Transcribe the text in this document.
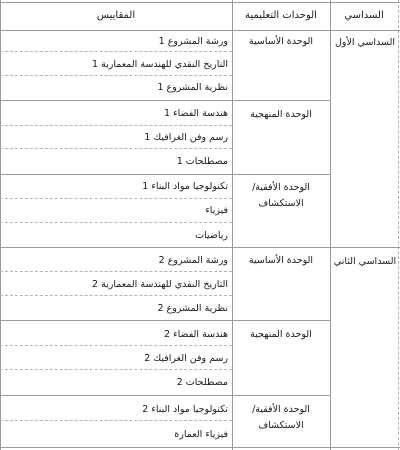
السداسي
الوحدات التعليمية
المقاييس
السداسي الأول
السداسي الثاني
الوحدة الأساسية
الوحدة المنهجية
الوحدة الأفقية/
الاستكشاف
الوحدة الأساسية
الوحدة المنهجية
الوحدة الأفقية/
الاستكشاف
ورشة المشروع 1
التاريخ النقدي للهندسة المعمارية 1
نظرية المشروع 1
هندسة الفضاء 1
رسم وفن الغرافيك 1
مصطلحات 1
تكنولوجيا مواد البناء 1
فيزياء
رياضيات
ورشة المشروع 2
التاريخ النقدي للهندسة المعمارية 2
نظرية المشروع 2
هندسة الفضاء 2
رسم وفن الغرافيك 2
مصطلحات 2
تكنولوجيا مواد البناء 2
فيزياء العمارة
